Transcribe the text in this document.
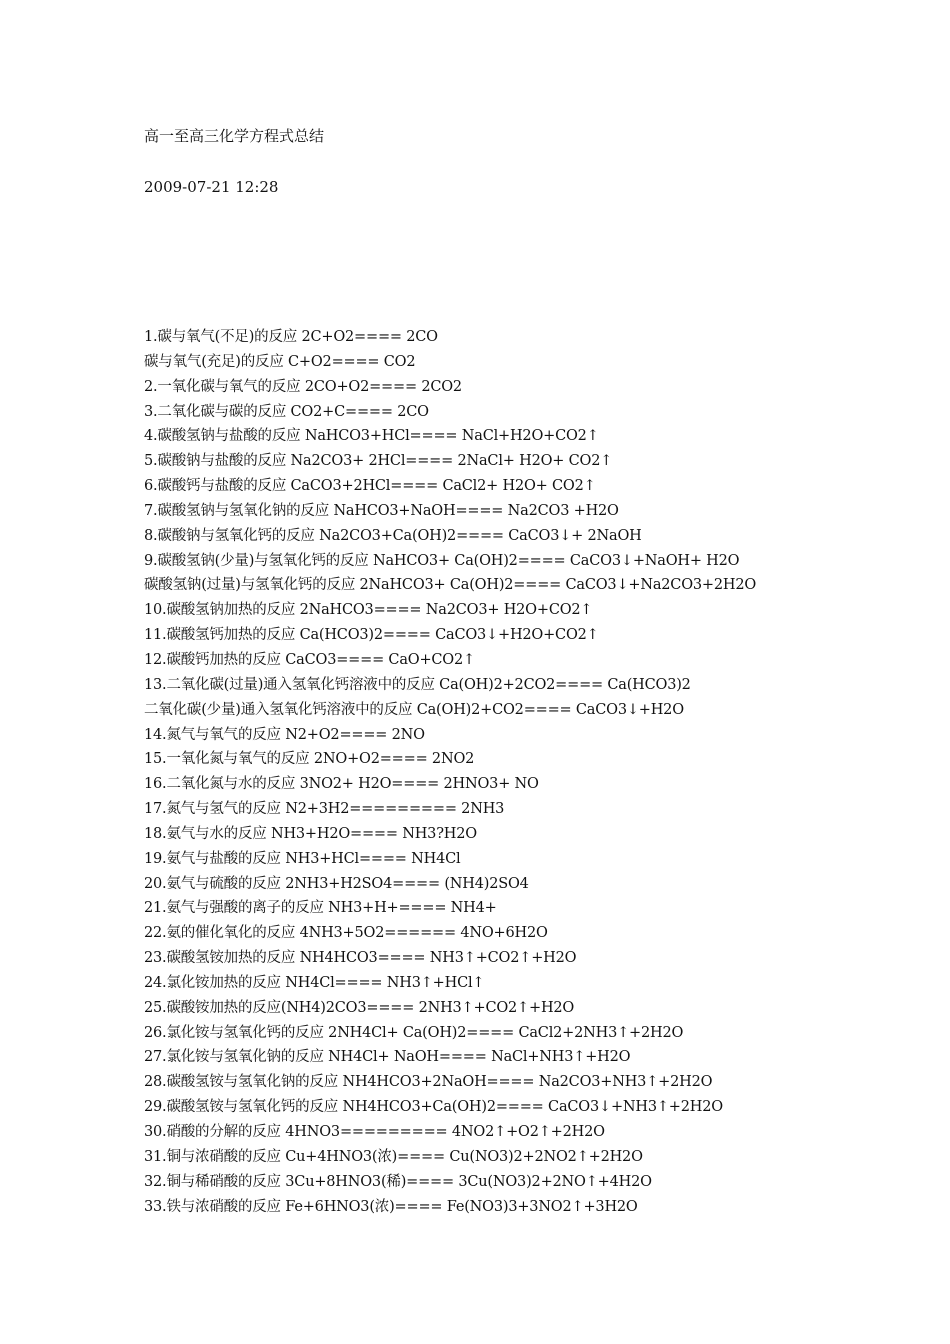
高一至高三化学方程式总结
2009-07-21 12:28
1.碳与氧气(不足)的反应 2C+O2==== 2CO
碳与氧气(充足)的反应 C+O2==== CO2
2.一氧化碳与氧气的反应 2CO+O2==== 2CO2
3.二氧化碳与碳的反应 CO2+C==== 2CO
4.碳酸氢钠与盐酸的反应 NaHCO3+HCl==== NaCl+H2O+CO2↑
5.碳酸钠与盐酸的反应 Na2CO3+ 2HCl==== 2NaCl+ H2O+ CO2↑
6.碳酸钙与盐酸的反应 CaCO3+2HCl==== CaCl2+ H2O+ CO2↑
7.碳酸氢钠与氢氧化钠的反应 NaHCO3+NaOH==== Na2CO3 +H2O
8.碳酸钠与氢氧化钙的反应 Na2CO3+Ca(OH)2==== CaCO3↓+ 2NaOH
9.碳酸氢钠(少量)与氢氧化钙的反应 NaHCO3+ Ca(OH)2==== CaCO3↓+NaOH+ H2O
碳酸氢钠(过量)与氢氧化钙的反应 2NaHCO3+ Ca(OH)2==== CaCO3↓+Na2CO3+2H2O
10.碳酸氢钠加热的反应 2NaHCO3==== Na2CO3+ H2O+CO2↑
11.碳酸氢钙加热的反应 Ca(HCO3)2==== CaCO3↓+H2O+CO2↑
12.碳酸钙加热的反应 CaCO3==== CaO+CO2↑
13.二氧化碳(过量)通入氢氧化钙溶液中的反应 Ca(OH)2+2CO2==== Ca(HCO3)2
二氧化碳(少量)通入氢氧化钙溶液中的反应 Ca(OH)2+CO2==== CaCO3↓+H2O
14.氮气与氧气的反应 N2+O2==== 2NO
15.一氧化氮与氧气的反应 2NO+O2==== 2NO2
16.二氧化氮与水的反应 3NO2+ H2O==== 2HNO3+ NO
17.氮气与氢气的反应 N2+3H2========= 2NH3
18.氨气与水的反应 NH3+H2O==== NH3?H2O
19.氨气与盐酸的反应 NH3+HCl==== NH4Cl
20.氨气与硫酸的反应 2NH3+H2SO4==== (NH4)2SO4
21.氨气与强酸的离子的反应 NH3+H+==== NH4+
22.氨的催化氧化的反应 4NH3+5O2====== 4NO+6H2O
23.碳酸氢铵加热的反应 NH4HCO3==== NH3↑+CO2↑+H2O
24.氯化铵加热的反应 NH4Cl==== NH3↑+HCl↑
25.碳酸铵加热的反应(NH4)2CO3==== 2NH3↑+CO2↑+H2O
26.氯化铵与氢氧化钙的反应 2NH4Cl+ Ca(OH)2==== CaCl2+2NH3↑+2H2O
27.氯化铵与氢氧化钠的反应 NH4Cl+ NaOH==== NaCl+NH3↑+H2O
28.碳酸氢铵与氢氧化钠的反应 NH4HCO3+2NaOH==== Na2CO3+NH3↑+2H2O
29.碳酸氢铵与氢氧化钙的反应 NH4HCO3+Ca(OH)2==== CaCO3↓+NH3↑+2H2O
30.硝酸的分解的反应 4HNO3========= 4NO2↑+O2↑+2H2O
31.铜与浓硝酸的反应 Cu+4HNO3(浓)==== Cu(NO3)2+2NO2↑+2H2O
32.铜与稀硝酸的反应 3Cu+8HNO3(稀)==== 3Cu(NO3)2+2NO↑+4H2O
33.铁与浓硝酸的反应 Fe+6HNO3(浓)==== Fe(NO3)3+3NO2↑+3H2O
